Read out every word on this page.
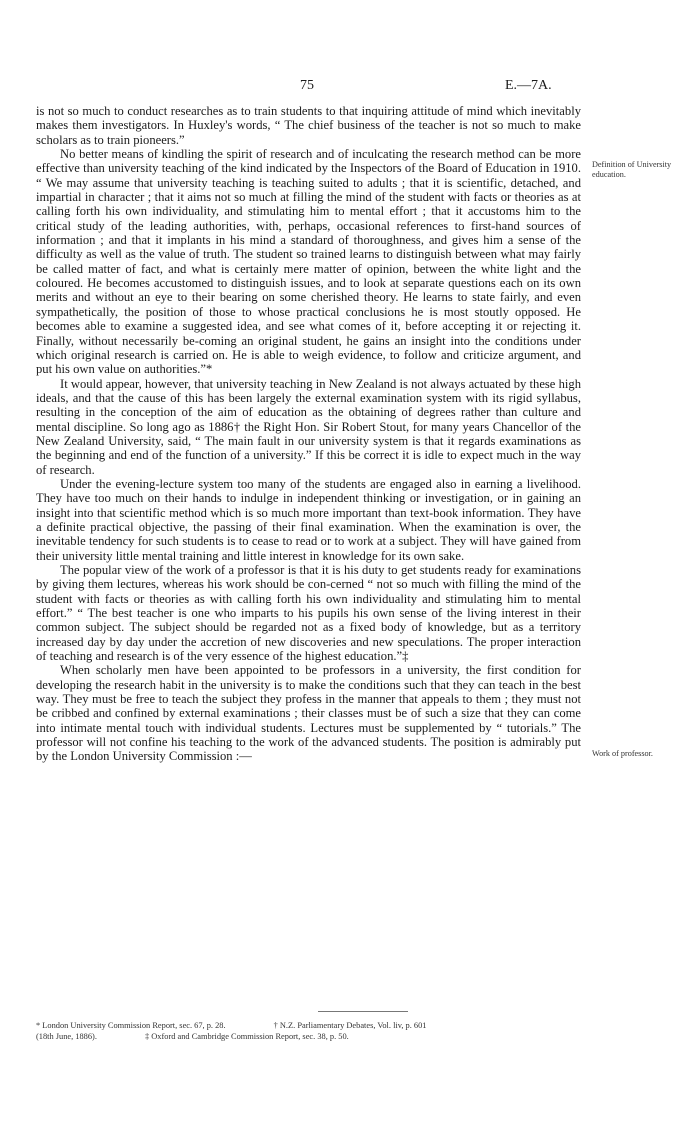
75	E.—7A.

is not so much to conduct researches as to train students to that inquiring attitude of mind which inevitably makes them investigators. In Huxley's words, “ The chief business of the teacher is not so much to make scholars as to train pioneers.”

No better means of kindling the spirit of research and of inculcating the research method can be more effective than university teaching of the kind indicated by the Inspectors of the Board of Education in 1910. “ We may assume that university teaching is teaching suited to adults ; that it is scientific, detached, and impartial in character ; that it aims not so much at filling the mind of the student with facts or theories as at calling forth his own individuality, and stimulating him to mental effort ; that it accustoms him to the critical study of the leading authorities, with, perhaps, occasional references to first-hand sources of information ; and that it implants in his mind a standard of thoroughness, and gives him a sense of the difficulty as well as the value of truth. The student so trained learns to distinguish between what may fairly be called matter of fact, and what is certainly mere matter of opinion, between the white light and the coloured. He becomes accustomed to distinguish issues, and to look at separate questions each on its own merits and without an eye to their bearing on some cherished theory. He learns to state fairly, and even sympathetically, the position of those to whose practical conclusions he is most stoutly opposed. He becomes able to examine a suggested idea, and see what comes of it, before accepting it or rejecting it. Finally, without necessarily be-coming an original student, he gains an insight into the conditions under which original research is carried on. He is able to weigh evidence, to follow and criticize argument, and put his own value on authorities.”*

It would appear, however, that university teaching in New Zealand is not always actuated by these high ideals, and that the cause of this has been largely the external examination system with its rigid syllabus, resulting in the conception of the aim of education as the obtaining of degrees rather than culture and mental discipline. So long ago as 1886† the Right Hon. Sir Robert Stout, for many years Chancellor of the New Zealand University, said, “ The main fault in our university system is that it regards examinations as the beginning and end of the function of a university.” If this be correct it is idle to expect much in the way of research.

Under the evening-lecture system too many of the students are engaged also in earning a livelihood. They have too much on their hands to indulge in independent thinking or investigation, or in gaining an insight into that scientific method which is so much more important than text-book information. They have a definite practical objective, the passing of their final examination. When the examination is over, the inevitable tendency for such students is to cease to read or to work at a subject. They will have gained from their university little mental training and little interest in knowledge for its own sake.

The popular view of the work of a professor is that it is his duty to get students ready for examinations by giving them lectures, whereas his work should be con-cerned “ not so much with filling the mind of the student with facts or theories as with calling forth his own individuality and stimulating him to mental effort.” “ The best teacher is one who imparts to his pupils his own sense of the living interest in their common subject. The subject should be regarded not as a fixed body of knowledge, but as a territory increased day by day under the accretion of new discoveries and new speculations. The proper interaction of teaching and research is of the very essence of the highest education.”‡

When scholarly men have been appointed to be professors in a university, the first condition for developing the research habit in the university is to make the conditions such that they can teach in the best way. They must be free to teach the subject they profess in the manner that appeals to them ; they must not be cribbed and confined by external examinations ; their classes must be of such a size that they can come into intimate mental touch with individual students. Lectures must be supplemented by “ tutorials.” The professor will not confine his teaching to the work of the advanced students. The position is admirably put by the London University Commission :—

Definition of University education.
Work of professor.
* London University Commission Report, sec. 67, p. 28.	† N.Z. Parliamentary Debates, Vol. liv, p. 601
(18th June, 1886).	‡ Oxford and Cambridge Commission Report, sec. 38, p. 50.
